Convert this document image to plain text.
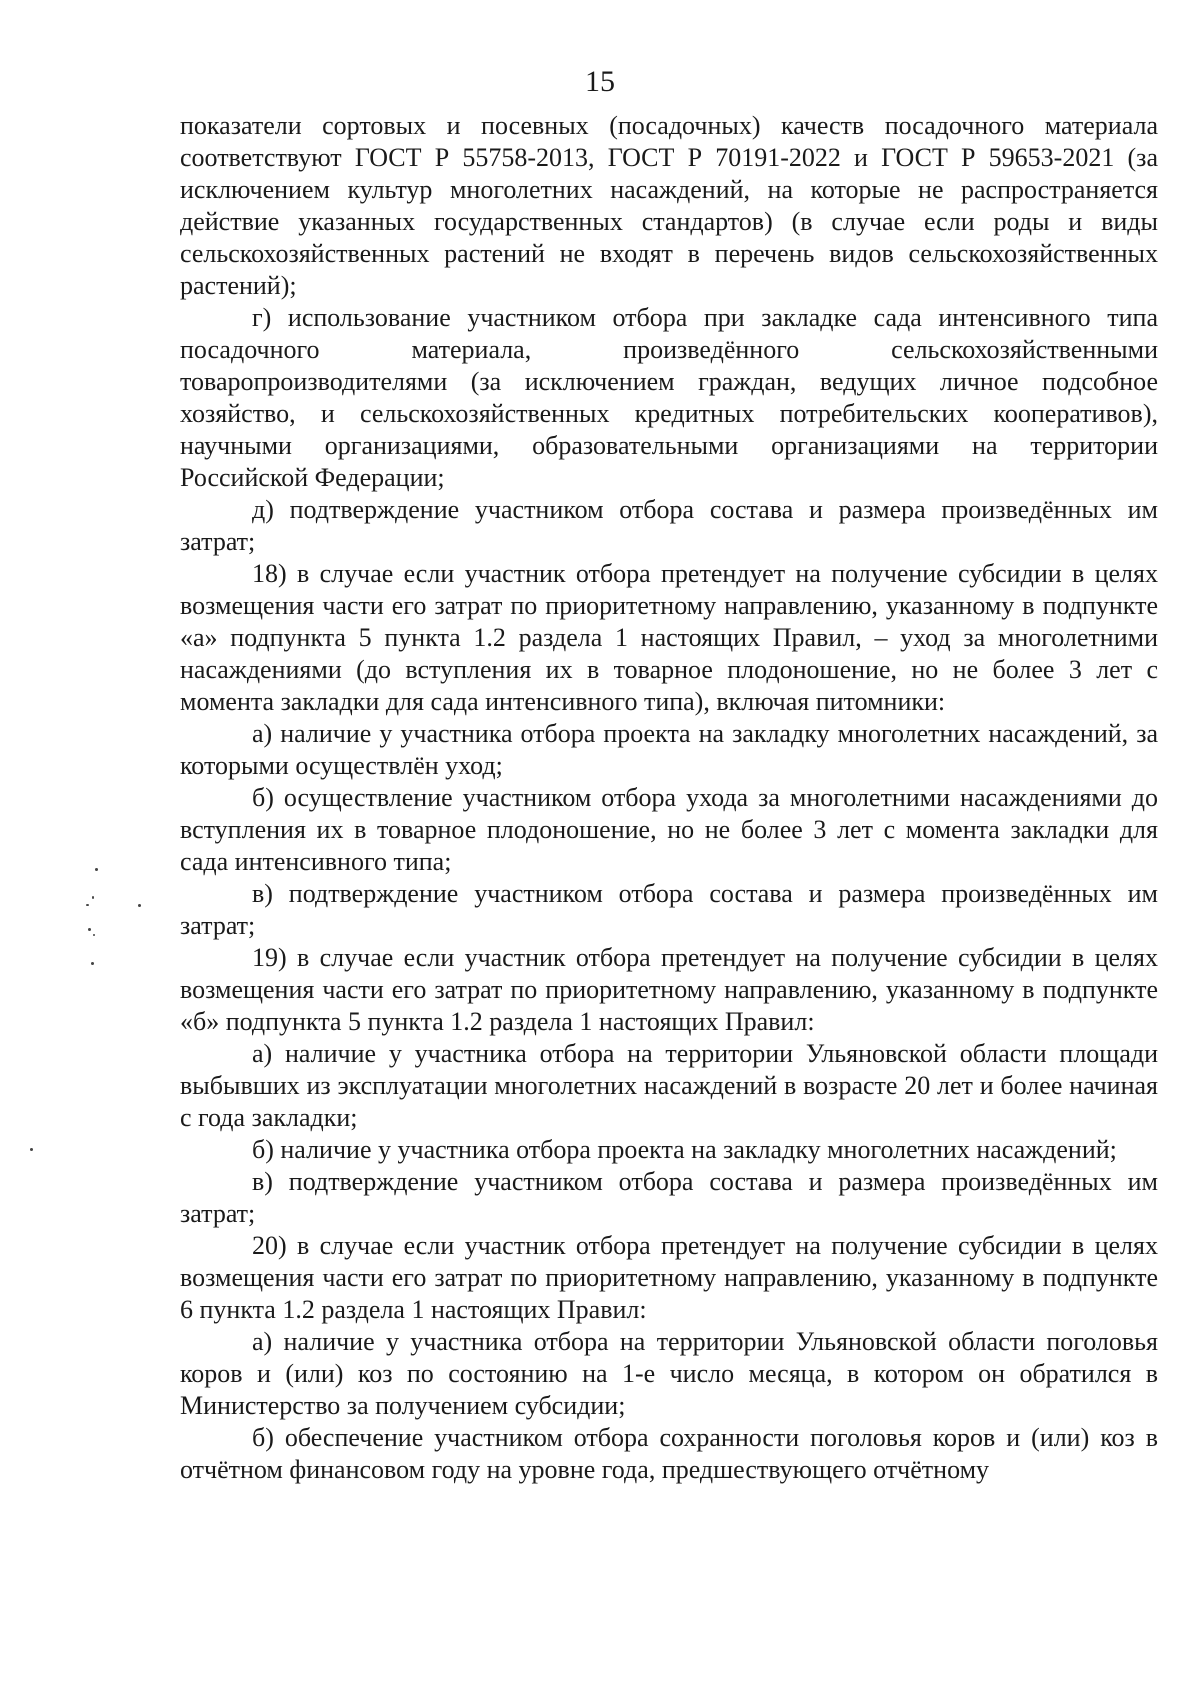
15

показатели сортовых и посевных (посадочных) качеств посадочного материала соответствуют ГОСТ Р 55758-2013, ГОСТ Р 70191-2022 и ГОСТ Р 59653-2021 (за исключением культур многолетних насаждений, на которые не распространяется действие указанных государственных стандартов) (в случае если роды и виды сельскохозяйственных растений не входят в перечень видов сельскохозяйственных растений);

г) использование участником отбора при закладке сада интенсивного типа посадочного материала, произведённого сельскохозяйственными товаропроизводителями (за исключением граждан, ведущих личное подсобное хозяйство, и сельскохозяйственных кредитных потребительских кооперативов), научными организациями, образовательными организациями на территории Российской Федерации;

д) подтверждение участником отбора состава и размера произведённых им затрат;

18) в случае если участник отбора претендует на получение субсидии в целях возмещения части его затрат по приоритетному направлению, указанному в подпункте «а» подпункта 5 пункта 1.2 раздела 1 настоящих Правил, – уход за многолетними насаждениями (до вступления их в товарное плодоношение, но не более 3 лет с момента закладки для сада интенсивного типа), включая питомники:

а) наличие у участника отбора проекта на закладку многолетних насаждений, за которыми осуществлён уход;

б) осуществление участником отбора ухода за многолетними насаждениями до вступления их в товарное плодоношение, но не более 3 лет с момента закладки для сада интенсивного типа;

в) подтверждение участником отбора состава и размера произведённых им затрат;

19) в случае если участник отбора претендует на получение субсидии в целях возмещения части его затрат по приоритетному направлению, указанному в подпункте «б» подпункта 5 пункта 1.2 раздела 1 настоящих Правил:

а) наличие у участника отбора на территории Ульяновской области площади выбывших из эксплуатации многолетних насаждений в возрасте 20 лет и более начиная с года закладки;

б) наличие у участника отбора проекта на закладку многолетних насаждений;

в) подтверждение участником отбора состава и размера произведённых им затрат;

20) в случае если участник отбора претендует на получение субсидии в целях возмещения части его затрат по приоритетному направлению, указанному в подпункте 6 пункта 1.2 раздела 1 настоящих Правил:

а) наличие у участника отбора на территории Ульяновской области поголовья коров и (или) коз по состоянию на 1-е число месяца, в котором он обратился в Министерство за получением субсидии;

б) обеспечение участником отбора сохранности поголовья коров и (или) коз в отчётном финансовом году на уровне года, предшествующего отчётному
